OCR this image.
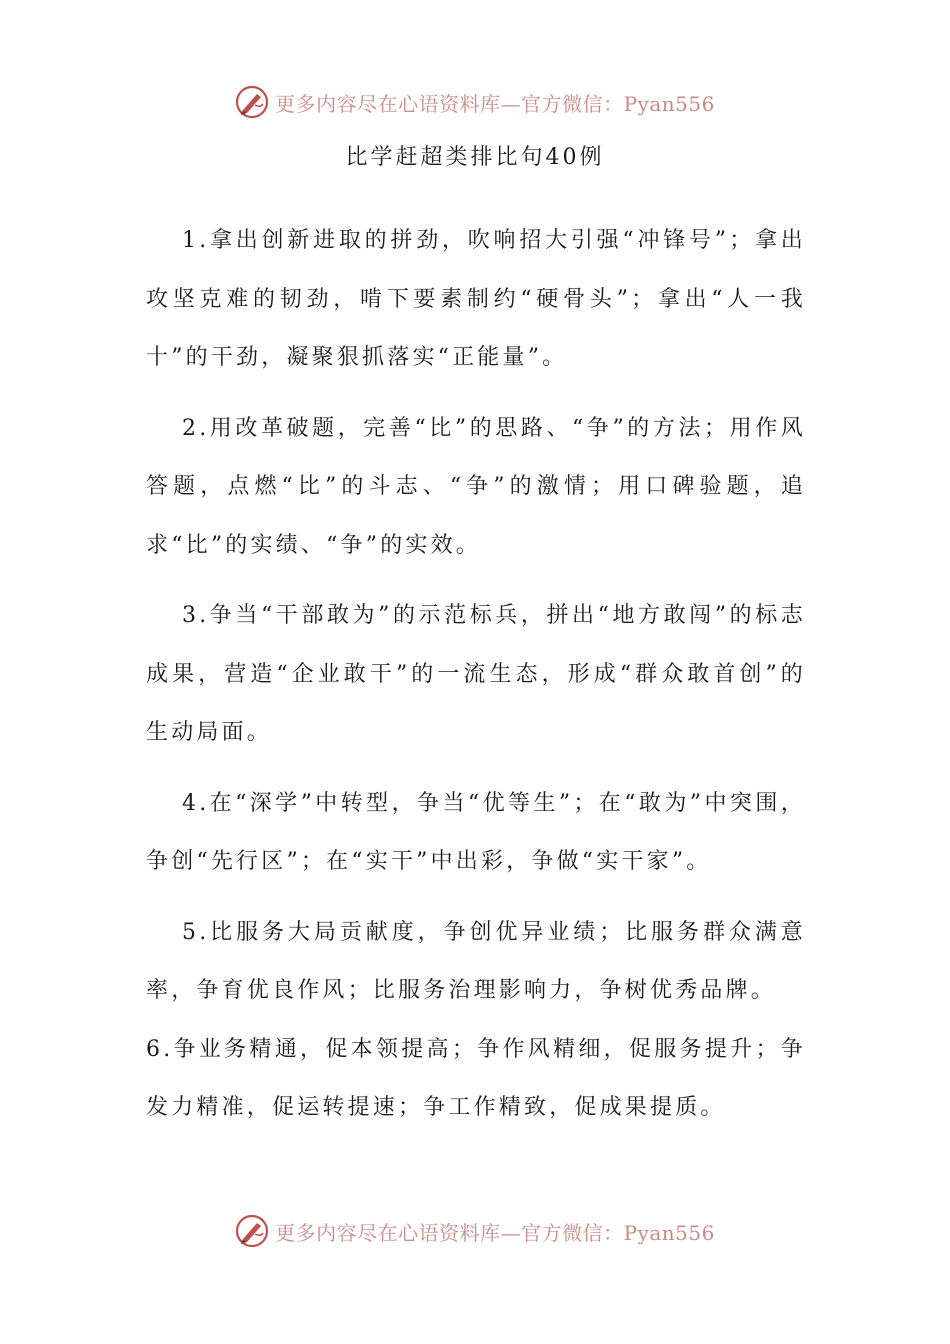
更多内容尽在心语资料库—官方微信：Pyan556
比学赶超类排比句40例

1.拿出创新进取的拼劲，吹响招大引强“冲锋号”；拿出攻坚克难的韧劲，啃下要素制约“硬骨头”；拿出“人一我十”的干劲，凝聚狠抓落实“正能量”。

2.用改革破题，完善“比”的思路、“争”的方法；用作风答题，点燃“比”的斗志、“争”的激情；用口碑验题，追求“比”的实绩、“争”的实效。

3.争当“干部敢为”的示范标兵，拼出“地方敢闯”的标志成果，营造“企业敢干”的一流生态，形成“群众敢首创”的生动局面。

4.在“深学”中转型，争当“优等生”；在“敢为”中突围，争创“先行区”；在“实干”中出彩，争做“实干家”。

5.比服务大局贡献度，争创优异业绩；比服务群众满意率，争育优良作风；比服务治理影响力，争树优秀品牌。

6.争业务精通，促本领提高；争作风精细，促服务提升；争发力精准，促运转提速；争工作精致，促成果提质。

更多内容尽在心语资料库—官方微信：Pyan556
